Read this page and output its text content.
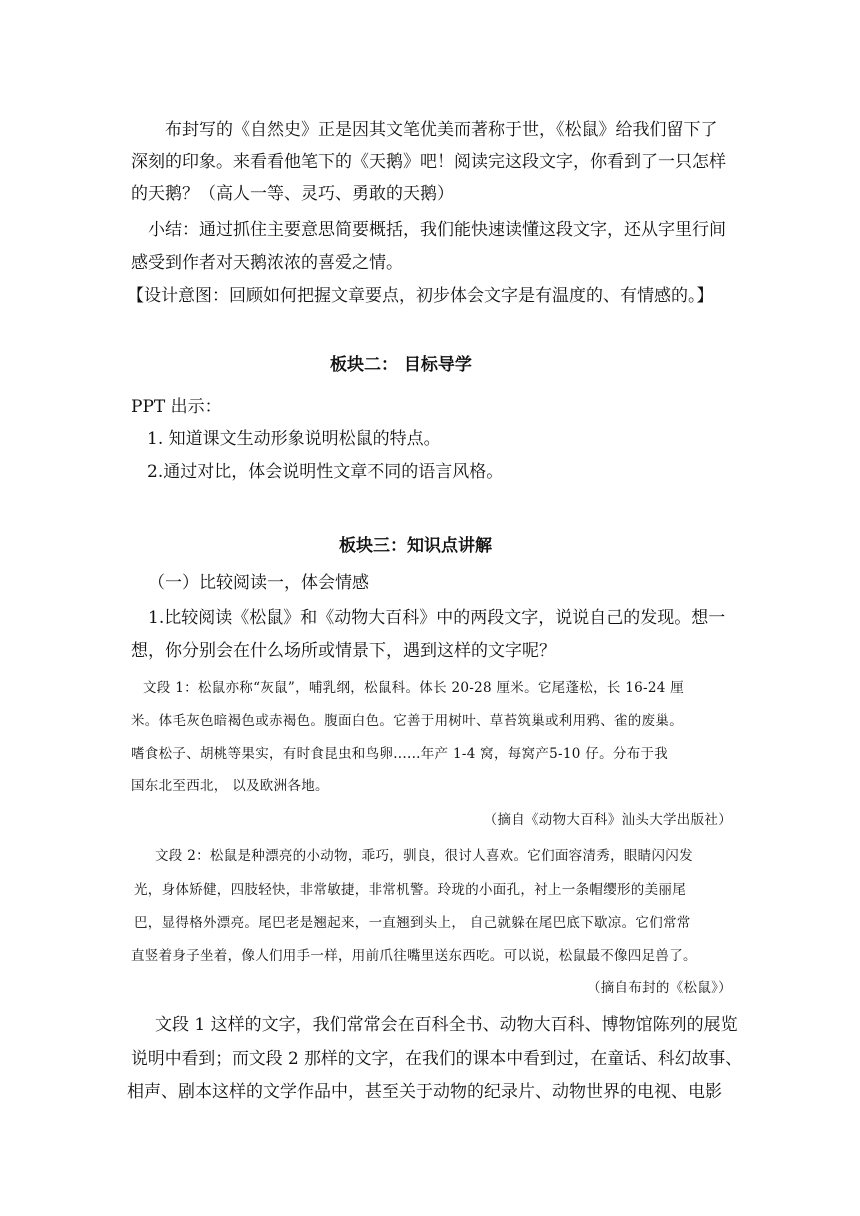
布封写的《自然史》正是因其文笔优美而著称于世，《松鼠》给我们留下了
深刻的印象。来看看他笔下的《天鹅》吧！阅读完这段文字，你看到了一只怎样
的天鹅？（高人一等、灵巧、勇敢的天鹅）
小结：通过抓住主要意思简要概括，我们能快速读懂这段文字，还从字里行间
感受到作者对天鹅浓浓的喜爱之情。
【设计意图：回顾如何把握文章要点，初步体会文字是有温度的、有情感的。】
板块二： 目标导学
PPT 出示：
1. 知道课文生动形象说明松鼠的特点。
2.通过对比，体会说明性文章不同的语言风格。
板块三：知识点讲解
（一）比较阅读一，体会情感
1.比较阅读《松鼠》和《动物大百科》中的两段文字，说说自己的发现。想一
想，你分别会在什么场所或情景下，遇到这样的文字呢？
文段 1：松鼠亦称“灰鼠”，哺乳纲，松鼠科。体长 20-28 厘米。它尾蓬松，长 16-24 厘
米。体毛灰色暗褐色或赤褐色。腹面白色。它善于用树叶、草苔筑巢或利用鸦、雀的废巢。
嗜食松子、胡桃等果实，有时食昆虫和鸟卵......年产 1-4 窝，每窝产5-10 仔。分布于我
国东北至西北， 以及欧洲各地。
（摘自《动物大百科》汕头大学出版社）
文段 2：松鼠是种漂亮的小动物，乖巧，驯良，很讨人喜欢。它们面容清秀，眼睛闪闪发
光，身体矫健，四肢轻快，非常敏捷，非常机警。玲珑的小面孔，衬上一条帽缨形的美丽尾
巴，显得格外漂亮。尾巴老是翘起来，一直翘到头上， 自己就躲在尾巴底下歇凉。它们常常
直竖着身子坐着，像人们用手一样，用前爪往嘴里送东西吃。可以说，松鼠最不像四足兽了。
（摘自布封的《松鼠》）
文段 1 这样的文字，我们常常会在百科全书、动物大百科、博物馆陈列的展览
说明中看到；而文段 2 那样的文字，在我们的课本中看到过，在童话、科幻故事、
相声、剧本这样的文学作品中，甚至关于动物的纪录片、动物世界的电视、电影
